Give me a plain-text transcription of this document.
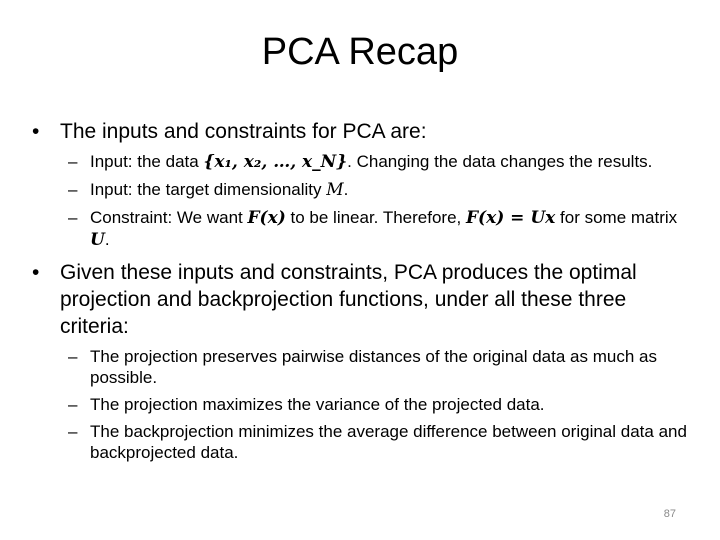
PCA Recap
• The inputs and constraints for PCA are:
– Input: the data {x₁, x₂, …, x_N}. Changing the data changes the results.
– Input: the target dimensionality M.
– Constraint: We want F(x) to be linear. Therefore, F(x) = Ux for some matrix U.
• Given these inputs and constraints, PCA produces the optimal projection and backprojection functions, under all these three criteria:
– The projection preserves pairwise distances of the original data as much as possible.
– The projection maximizes the variance of the projected data.
– The backprojection minimizes the average difference between original data and backprojected data.
87
